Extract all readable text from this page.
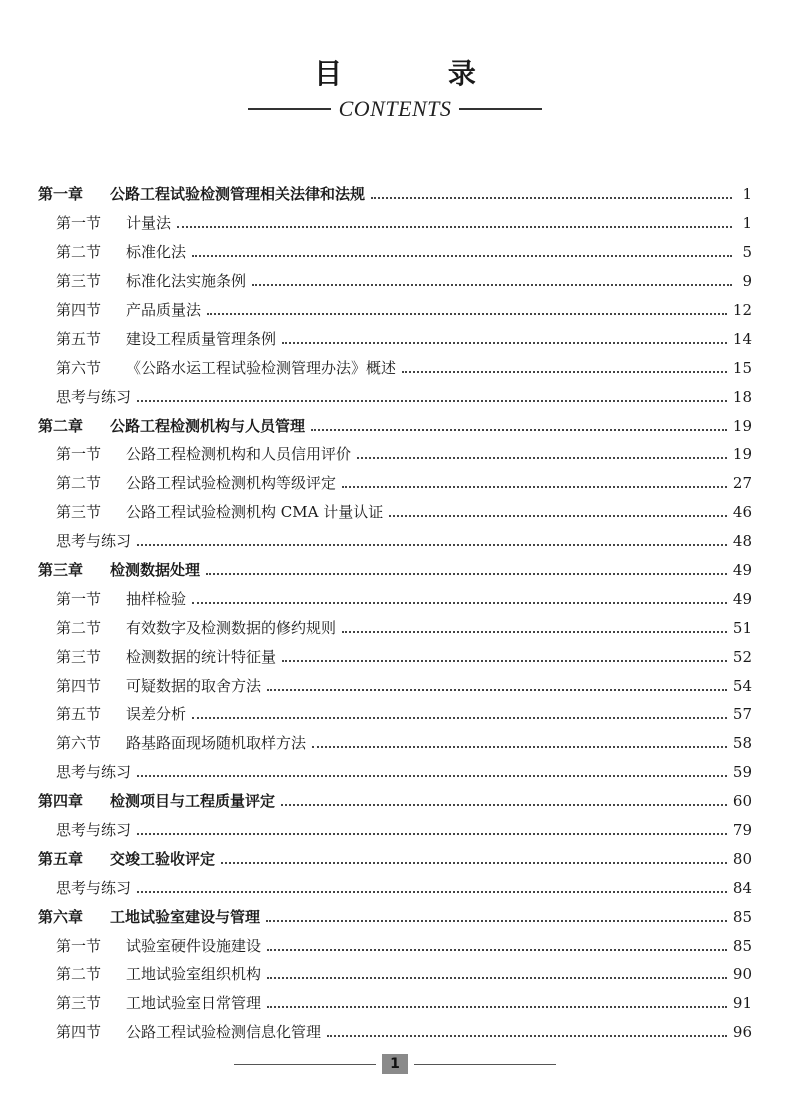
目 录
CONTENTS
第一章	公路工程试验检测管理相关法律和法规	1
第一节	计量法	1
第二节	标准化法	5
第三节	标准化法实施条例	9
第四节	产品质量法	12
第五节	建设工程质量管理条例	14
第六节	《公路水运工程试验检测管理办法》概述	15
思考与练习	18
第二章	公路工程检测机构与人员管理	19
第一节	公路工程检测机构和人员信用评价	19
第二节	公路工程试验检测机构等级评定	27
第三节	公路工程试验检测机构 CMA 计量认证	46
思考与练习	48
第三章	检测数据处理	49
第一节	抽样检验	49
第二节	有效数字及检测数据的修约规则	51
第三节	检测数据的统计特征量	52
第四节	可疑数据的取舍方法	54
第五节	误差分析	57
第六节	路基路面现场随机取样方法	58
思考与练习	59
第四章	检测项目与工程质量评定	60
思考与练习	79
第五章	交竣工验收评定	80
思考与练习	84
第六章	工地试验室建设与管理	85
第一节	试验室硬件设施建设	85
第二节	工地试验室组织机构	90
第三节	工地试验室日常管理	91
第四节	公路工程试验检测信息化管理	96
1
